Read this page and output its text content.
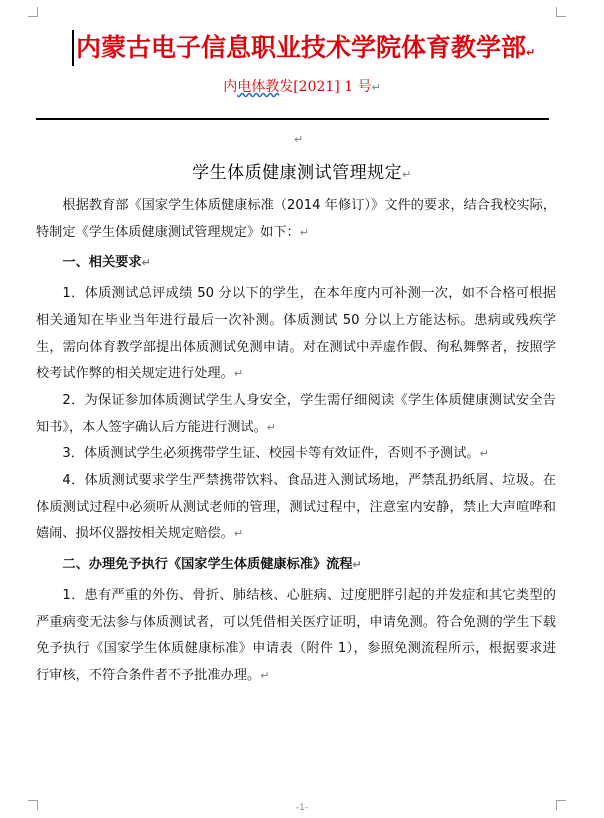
内蒙古电子信息职业技术学院体育教学部↵
内电体教发[2021] 1 号↵
↵
学生体质健康测试管理规定↵

根据教育部《国家学生体质健康标准（2014 年修订）》文件的要求，结合我校实际，特制定《学生体质健康测试管理规定》如下：↵

一、相关要求↵

1．体质测试总评成绩 50 分以下的学生，在本年度内可补测一次，如不合格可根据相关通知在毕业当年进行最后一次补测。体质测试 50 分以上方能达标。患病或残疾学生，需向体育教学部提出体质测试免测申请。对在测试中弄虚作假、徇私舞弊者，按照学校考试作弊的相关规定进行处理。↵

2．为保证参加体质测试学生人身安全，学生需仔细阅读《学生体质健康测试安全告知书》，本人签字确认后方能进行测试。↵

3．体质测试学生必须携带学生证、校园卡等有效证件，否则不予测试。↵

4．体质测试要求学生严禁携带饮料、食品进入测试场地，严禁乱扔纸屑、垃圾。在体质测试过程中必须听从测试老师的管理，测试过程中，注意室内安静，禁止大声喧哗和嬉闹、损坏仪器按相关规定赔偿。↵

二、办理免予执行《国家学生体质健康标准》流程↵

1．患有严重的外伤、骨折、肺结核、心脏病、过度肥胖引起的并发症和其它类型的严重病变无法参与体质测试者，可以凭借相关医疗证明，申请免测。符合免测的学生下载免予执行《国家学生体质健康标准》申请表（附件 1），参照免测流程所示，根据要求进行审核，不符合条件者不予批准办理。↵

-1-
